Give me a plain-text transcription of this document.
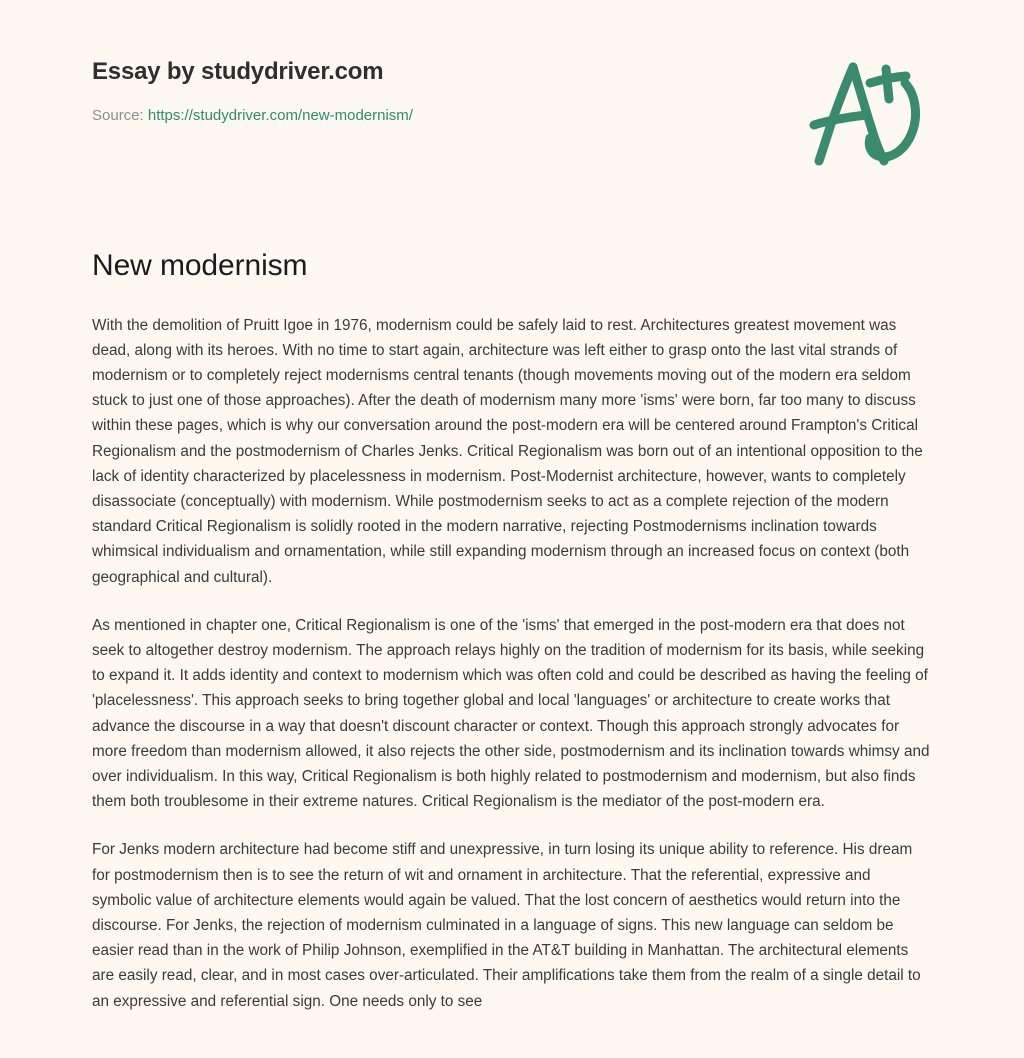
Essay by studydriver.com
Source: https://studydriver.com/new-modernism/
New modernism

With the demolition of Pruitt Igoe in 1976, modernism could be safely laid to rest. Architectures greatest movement was dead, along with its heroes. With no time to start again, architecture was left either to grasp onto the last vital strands of modernism or to completely reject modernisms central tenants (though movements moving out of the modern era seldom stuck to just one of those approaches). After the death of modernism many more 'isms' were born, far too many to discuss within these pages, which is why our conversation around the post-modern era will be centered around Frampton's Critical Regionalism and the postmodernism of Charles Jenks. Critical Regionalism was born out of an intentional opposition to the lack of identity characterized by placelessness in modernism. Post-Modernist architecture, however, wants to completely disassociate (conceptually) with modernism. While postmodernism seeks to act as a complete rejection of the modern standard Critical Regionalism is solidly rooted in the modern narrative, rejecting Postmodernisms inclination towards whimsical individualism and ornamentation, while still expanding modernism through an increased focus on context (both geographical and cultural).

As mentioned in chapter one, Critical Regionalism is one of the 'isms' that emerged in the post-modern era that does not seek to altogether destroy modernism. The approach relays highly on the tradition of modernism for its basis, while seeking to expand it. It adds identity and context to modernism which was often cold and could be described as having the feeling of 'placelessness'. This approach seeks to bring together global and local 'languages' or architecture to create works that advance the discourse in a way that doesn't discount character or context. Though this approach strongly advocates for more freedom than modernism allowed, it also rejects the other side, postmodernism and its inclination towards whimsy and over individualism. In this way, Critical Regionalism is both highly related to postmodernism and modernism, but also finds them both troublesome in their extreme natures. Critical Regionalism is the mediator of the post-modern era.

For Jenks modern architecture had become stiff and unexpressive, in turn losing its unique ability to reference. His dream for postmodernism then is to see the return of wit and ornament in architecture. That the referential, expressive and symbolic value of architecture elements would again be valued. That the lost concern of aesthetics would return into the discourse. For Jenks, the rejection of modernism culminated in a language of signs. This new language can seldom be easier read than in the work of Philip Johnson, exemplified in the AT&T building in Manhattan. The architectural elements are easily read, clear, and in most cases over-articulated. Their amplifications take them from the realm of a single detail to an expressive and referential sign. One needs only to see
